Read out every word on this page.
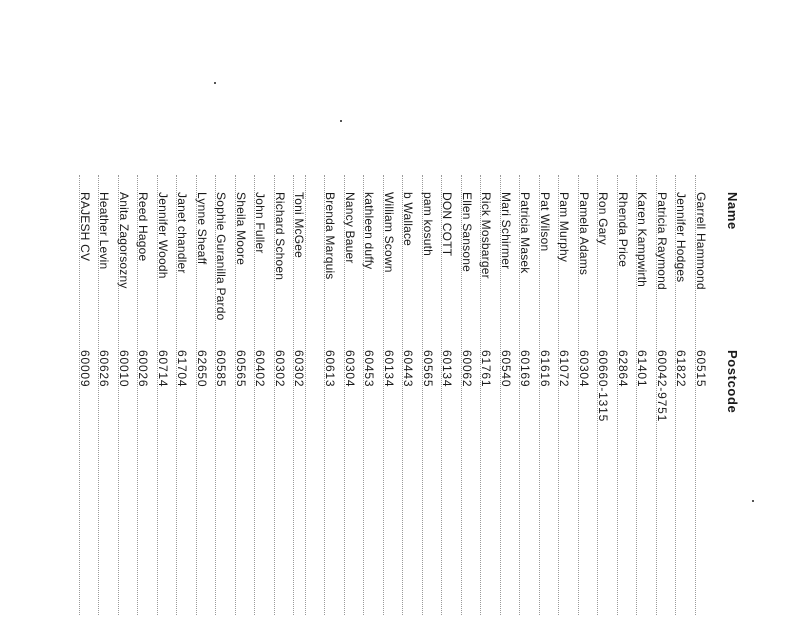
Name
Postcode
Garrell Hammond
60515
Jennifer Hodges
61822
Patricia Raymond
60042-9751
Karen Kampwirth
61401
Rhenda Price
62864
Ron Gary
60660-1315
Pamela Adams
60304
Pam Murphy
61072
Pat Wilson
61616
Patricia Masek
60169
Mari Schirmer
60540
Rick Mosbarger
61761
Ellen Sansone
60062
DON COTT
60134
pam kosuth
60565
b Wallace
60443
William Scown
60134
kathleen duffy
60453
Nancy Bauer
60304
Brenda Marquis
60613
Toni McGee
60302
Richard Schoen
60302
John Fuller
60402
Sheila Moore
60565
Sophie Guranilla Pardo
60585
Lynne Sheaff
62650
Janet chandler
61704
Jennifer Woodh
60714
Reed Hagoe
60026
Anita Zagorsozny
60010
Heather Levin
60626
RAJESH CV
60009
